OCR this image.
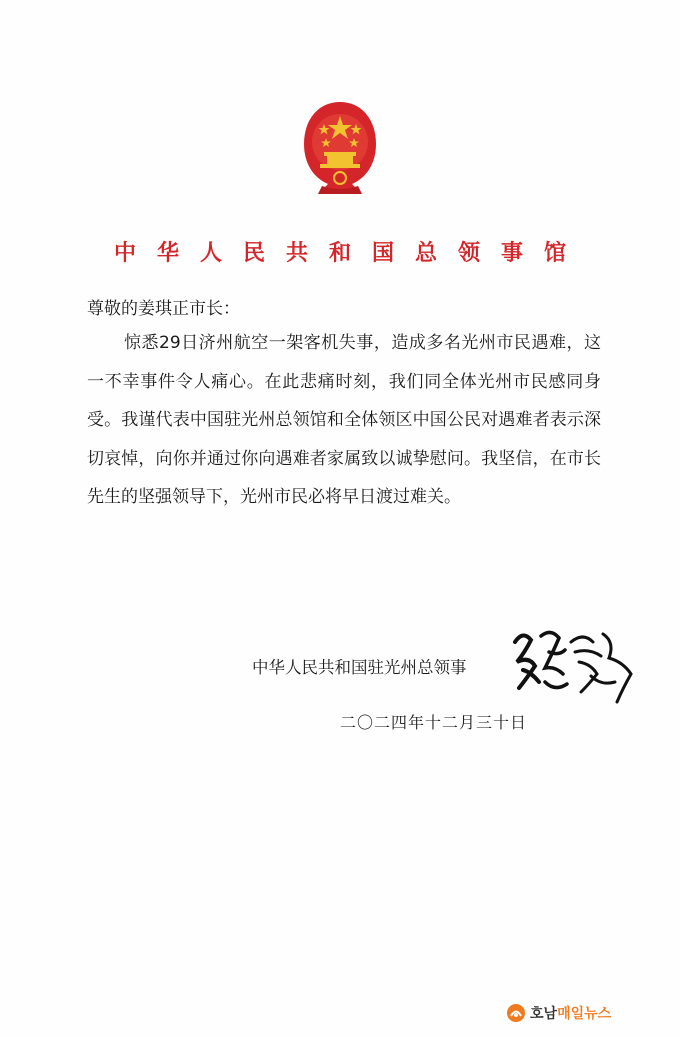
中华人民共和国总领事馆
尊敬的姜琪正市长：

惊悉29日济州航空一架客机失事，造成多名光州市民遇难，这一不幸事件令人痛心。在此悲痛时刻，我们同全体光州市民感同身受。我谨代表中国驻光州总领馆和全体领区中国公民对遇难者表示深切哀悼，向你并通过你向遇难者家属致以诚挚慰问。我坚信，在市长先生的坚强领导下，光州市民必将早日渡过难关。

中华人民共和国驻光州总领事
二〇二四年十二月三十日
호남 매일뉴스
